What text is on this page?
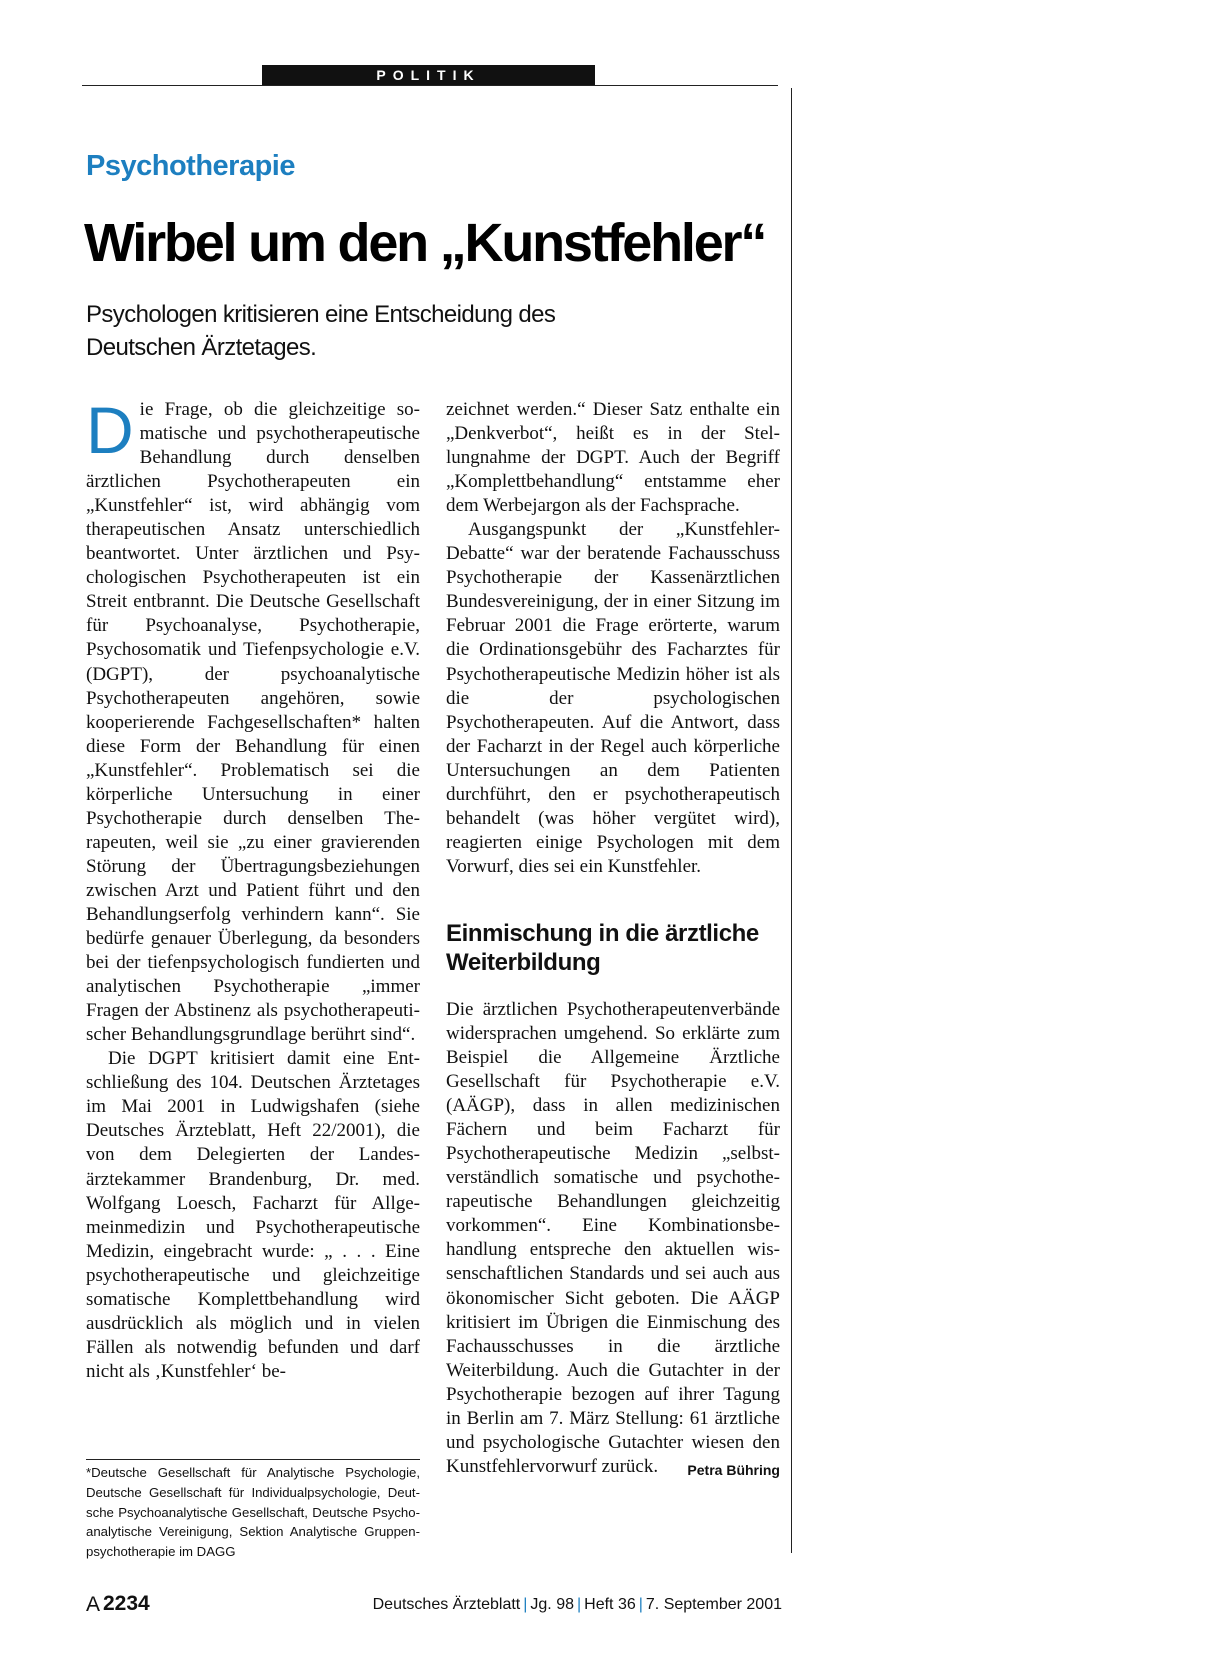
POLITIK
Psychotherapie
Wirbel um den „Kunstfehler“
Psychologen kritisieren eine Entscheidung des Deutschen Ärztetages.

Die Frage, ob die gleichzeitige somatische und psychotherapeutische Behandlung durch denselben ärztlichen Psychotherapeuten ein „Kunstfehler“ ist, wird abhängig vom therapeutischen Ansatz unterschiedlich beantwortet. Unter ärztlichen und Psychologischen Psychotherapeuten ist ein Streit entbrannt. Die Deutsche Gesellschaft für Psychoanalyse, Psychotherapie, Psychosomatik und Tiefenpsychologie e.V. (DGPT), der psychoanalytische Psychotherapeuten angehören, sowie kooperierende Fachgesellschaften* halten diese Form der Behandlung für einen „Kunstfehler“. Problematisch sei die körperliche Untersuchung in einer Psychotherapie durch denselben Therapeuten, weil sie „zu einer gravierenden Störung der Übertragungsbeziehungen zwischen Arzt und Patient führt und den Behandlungserfolg verhindern kann“. Sie bedürfe genauer Überlegung, da besonders bei der tiefenpsychologisch fundierten und analytischen Psychotherapie „immer Fragen der Abstinenz als psychotherapeutischer Behandlungsgrundlage berührt sind“.

Die DGPT kritisiert damit eine Entschließung des 104. Deutschen Ärztetages im Mai 2001 in Ludwigshafen (siehe Deutsches Ärzteblatt, Heft 22/2001), die von dem Delegierten der Landesärztekammer Brandenburg, Dr. med. Wolfgang Loesch, Facharzt für Allgemeinmedizin und Psychotherapeutische Medizin, eingebracht wurde: „ . . . Eine psychotherapeutische und gleichzeitige somatische Komplettbehandlung wird ausdrücklich als möglich und in vielen Fällen als notwendig befunden und darf nicht als ‚Kunstfehler‘ be-

zeichnet werden.“ Dieser Satz enthalte ein „Denkverbot“, heißt es in der Stellungnahme der DGPT. Auch der Begriff „Komplettbehandlung“ entstamme eher dem Werbejargon als der Fachsprache.

Ausgangspunkt der „Kunstfehler-Debatte“ war der beratende Fachausschuss Psychotherapie der Kassenärztlichen Bundesvereinigung, der in einer Sitzung im Februar 2001 die Frage erörterte, warum die Ordinationsgebühr des Facharztes für Psychotherapeutische Medizin höher ist als die der psychologischen Psychotherapeuten. Auf die Antwort, dass der Facharzt in der Regel auch körperliche Untersuchungen an dem Patienten durchführt, den er psychotherapeutisch behandelt (was höher vergütet wird), reagierten einige Psychologen mit dem Vorwurf, dies sei ein Kunstfehler.

Einmischung in die ärztliche Weiterbildung

Die ärztlichen Psychotherapeutenverbände widersprachen umgehend. So erklärte zum Beispiel die Allgemeine Ärztliche Gesellschaft für Psychotherapie e.V. (AÄGP), dass in allen medizinischen Fächern und beim Facharzt für Psychotherapeutische Medizin „selbstverständlich somatische und psychotherapeutische Behandlungen gleichzeitig vorkommen“. Eine Kombinationsbehandlung entspreche den aktuellen wissenschaftlichen Standards und sei auch aus ökonomischer Sicht geboten. Die AÄGP kritisiert im Übrigen die Einmischung des Fachausschusses in die ärztliche Weiterbildung. Auch die Gutachter in der Psychotherapie bezogen auf ihrer Tagung in Berlin am 7. März Stellung: 61 ärztliche und psychologische Gutachter wiesen den Kunstfehlervorwurf zurück. Petra Bühring

*Deutsche Gesellschaft für Analytische Psychologie, Deutsche Gesellschaft für Individualpsychologie, Deutsche Psychoanalytische Gesellschaft, Deutsche Psychoanalytische Vereinigung, Sektion Analytische Gruppenpsychotherapie im DAGG
A 2234	Deutsches Ärzteblatt | Jg. 98 | Heft 36 | 7. September 2001
